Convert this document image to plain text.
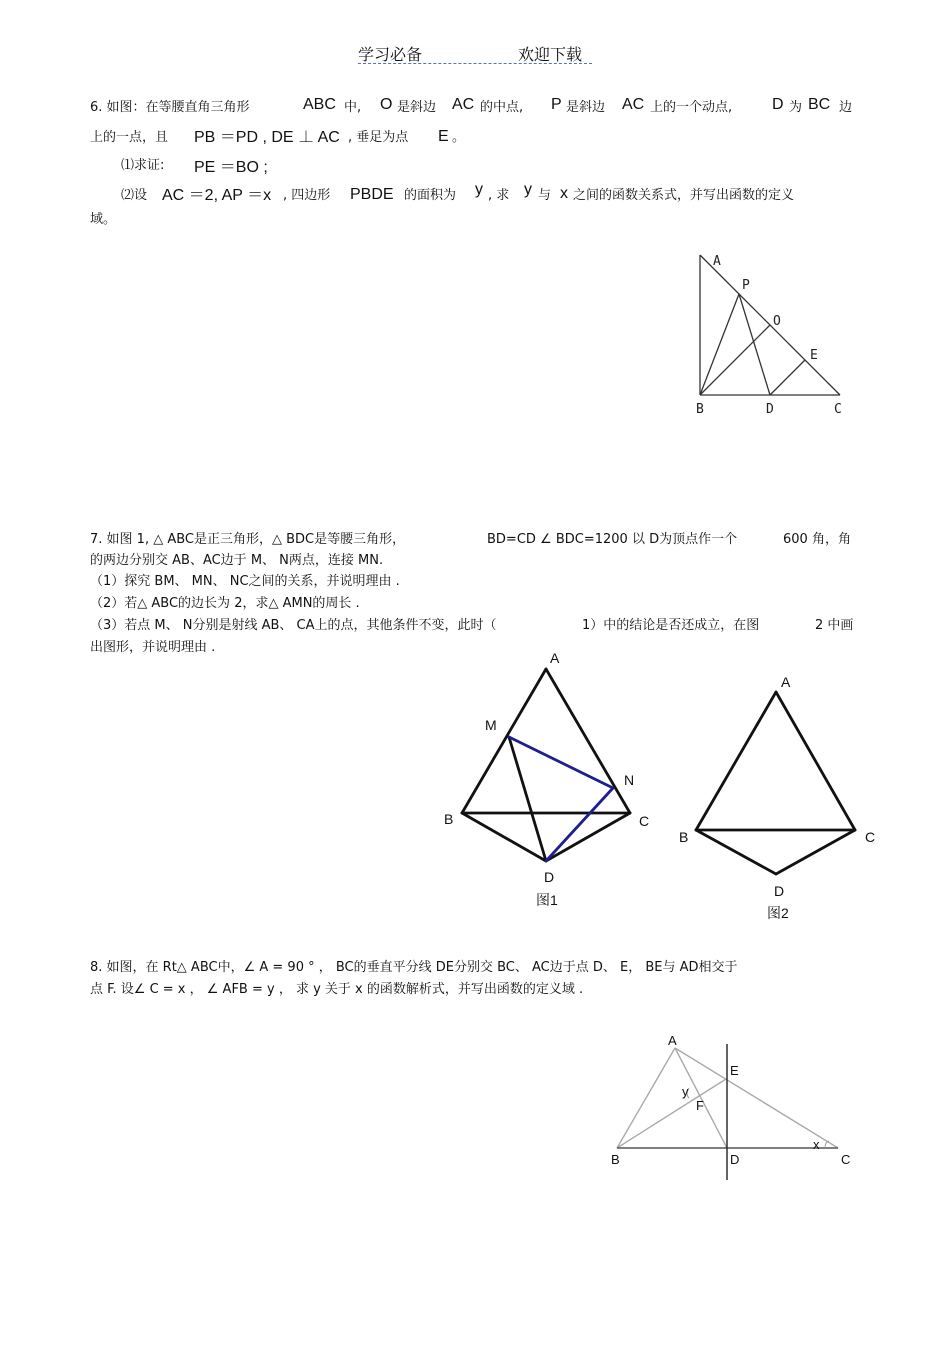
学习必备	欢迎下载
6. 如图：在等腰直角三角形	ABC 中, O 是斜边 AC 的中点, P 是斜边 AC 上的一个动点, D 为 BC 边
上的一点，且 PB ＝PD , DE ⊥ AC , 垂足为点 E 。
⑴求证: PE ＝BO ;
⑵设 AC ＝2, AP ＝x , 四边形 PBDE 的面积为 y , 求 y 与 x 之间的函数关系式，并写出函数的定义
域。
A
P
O
E
B	D	C
7. 如图 1, △ ABC是正三角形，△ BDC是等腰三角形，	BD=CD ∠ BDC=1200 以 D为顶点作一个	600 角，角
的两边分别交 AB、AC边于 M、 N两点，连接 MN.
（1）探究 BM、 MN、 NC之间的关系，并说明理由 .
（2）若△ ABC的边长为 2，求△ AMN的周长 .
（3）若点 M、 N分别是射线 AB、 CA上的点，其他条件不变，此时（	1）中的结论是否还成立，在图	2 中画
出图形，并说明理由 .
A
M
N
B	C
D
图1
A
B	C
D
图2
8. 如图，在 Rt△ ABC中，∠ A = 90 ° ， BC的垂直平分线 DE分别交 BC、 AC边于点 D、 E， BE与 AD相交于
点 F. 设∠ C = x ， ∠ AFB = y ， 求 y 关于 x 的函数解析式，并写出函数的定义域 .
A
E
y
F
x
B	D	C
